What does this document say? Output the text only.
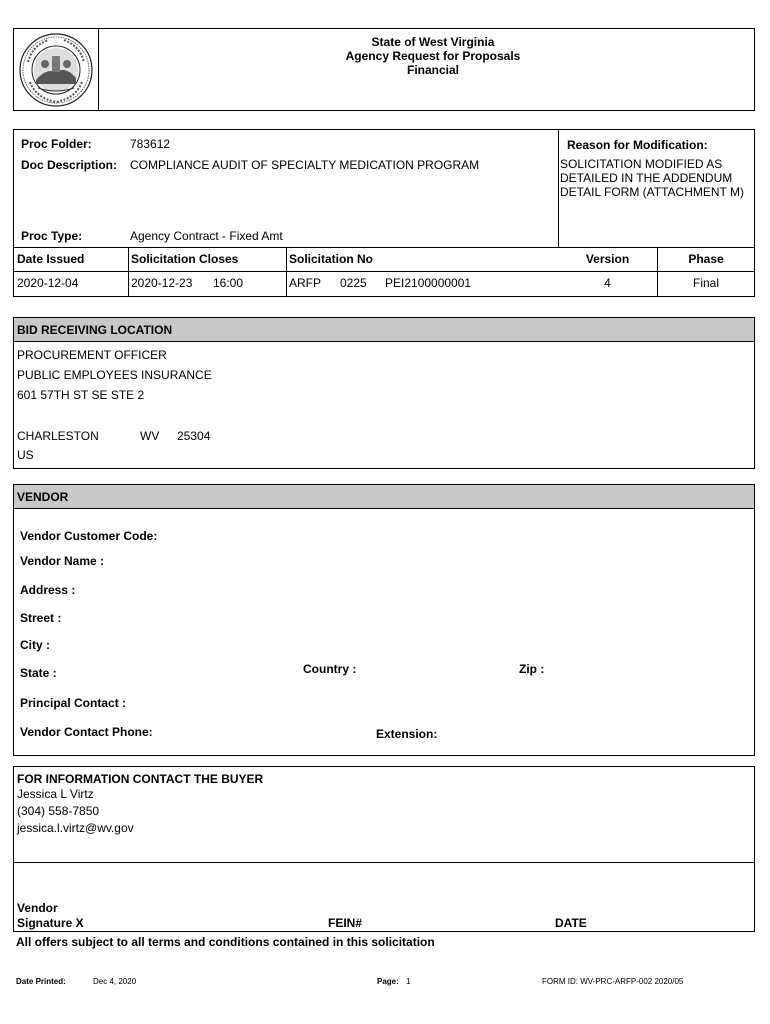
State of West Virginia
Agency Request for Proposals
Financial
Proc Folder:	783612
Doc Description: COMPLIANCE AUDIT OF SPECIALTY MEDICATION PROGRAM
Proc Type:	Agency Contract - Fixed Amt
Reason for Modification:
SOLICITATION MODIFIED AS DETAILED IN THE ADDENDUM DETAIL FORM (ATTACHMENT M)
Date Issued	Solicitation Closes	Solicitation No	Version	Phase
2020-12-04	2020-12-23 16:00	ARFP 0225 PEI2100000001	4	Final
BID RECEIVING LOCATION
PROCUREMENT OFFICER
PUBLIC EMPLOYEES INSURANCE
601 57TH ST SE STE 2
CHARLESTON	WV 25304
US
VENDOR
Vendor Customer Code:
Vendor Name :
Address :
Street :
City :
State :	Country :	Zip :
Principal Contact :
Vendor Contact Phone:	Extension:
FOR INFORMATION CONTACT THE BUYER
Jessica L Virtz
(304) 558-7850
jessica.l.virtz@wv.gov
Vendor
Signature X	FEIN#	DATE
All offers subject to all terms and conditions contained in this solicitation
Date Printed:	Dec 4, 2020	Page: 1	FORM ID: WV-PRC-ARFP-002 2020/05
